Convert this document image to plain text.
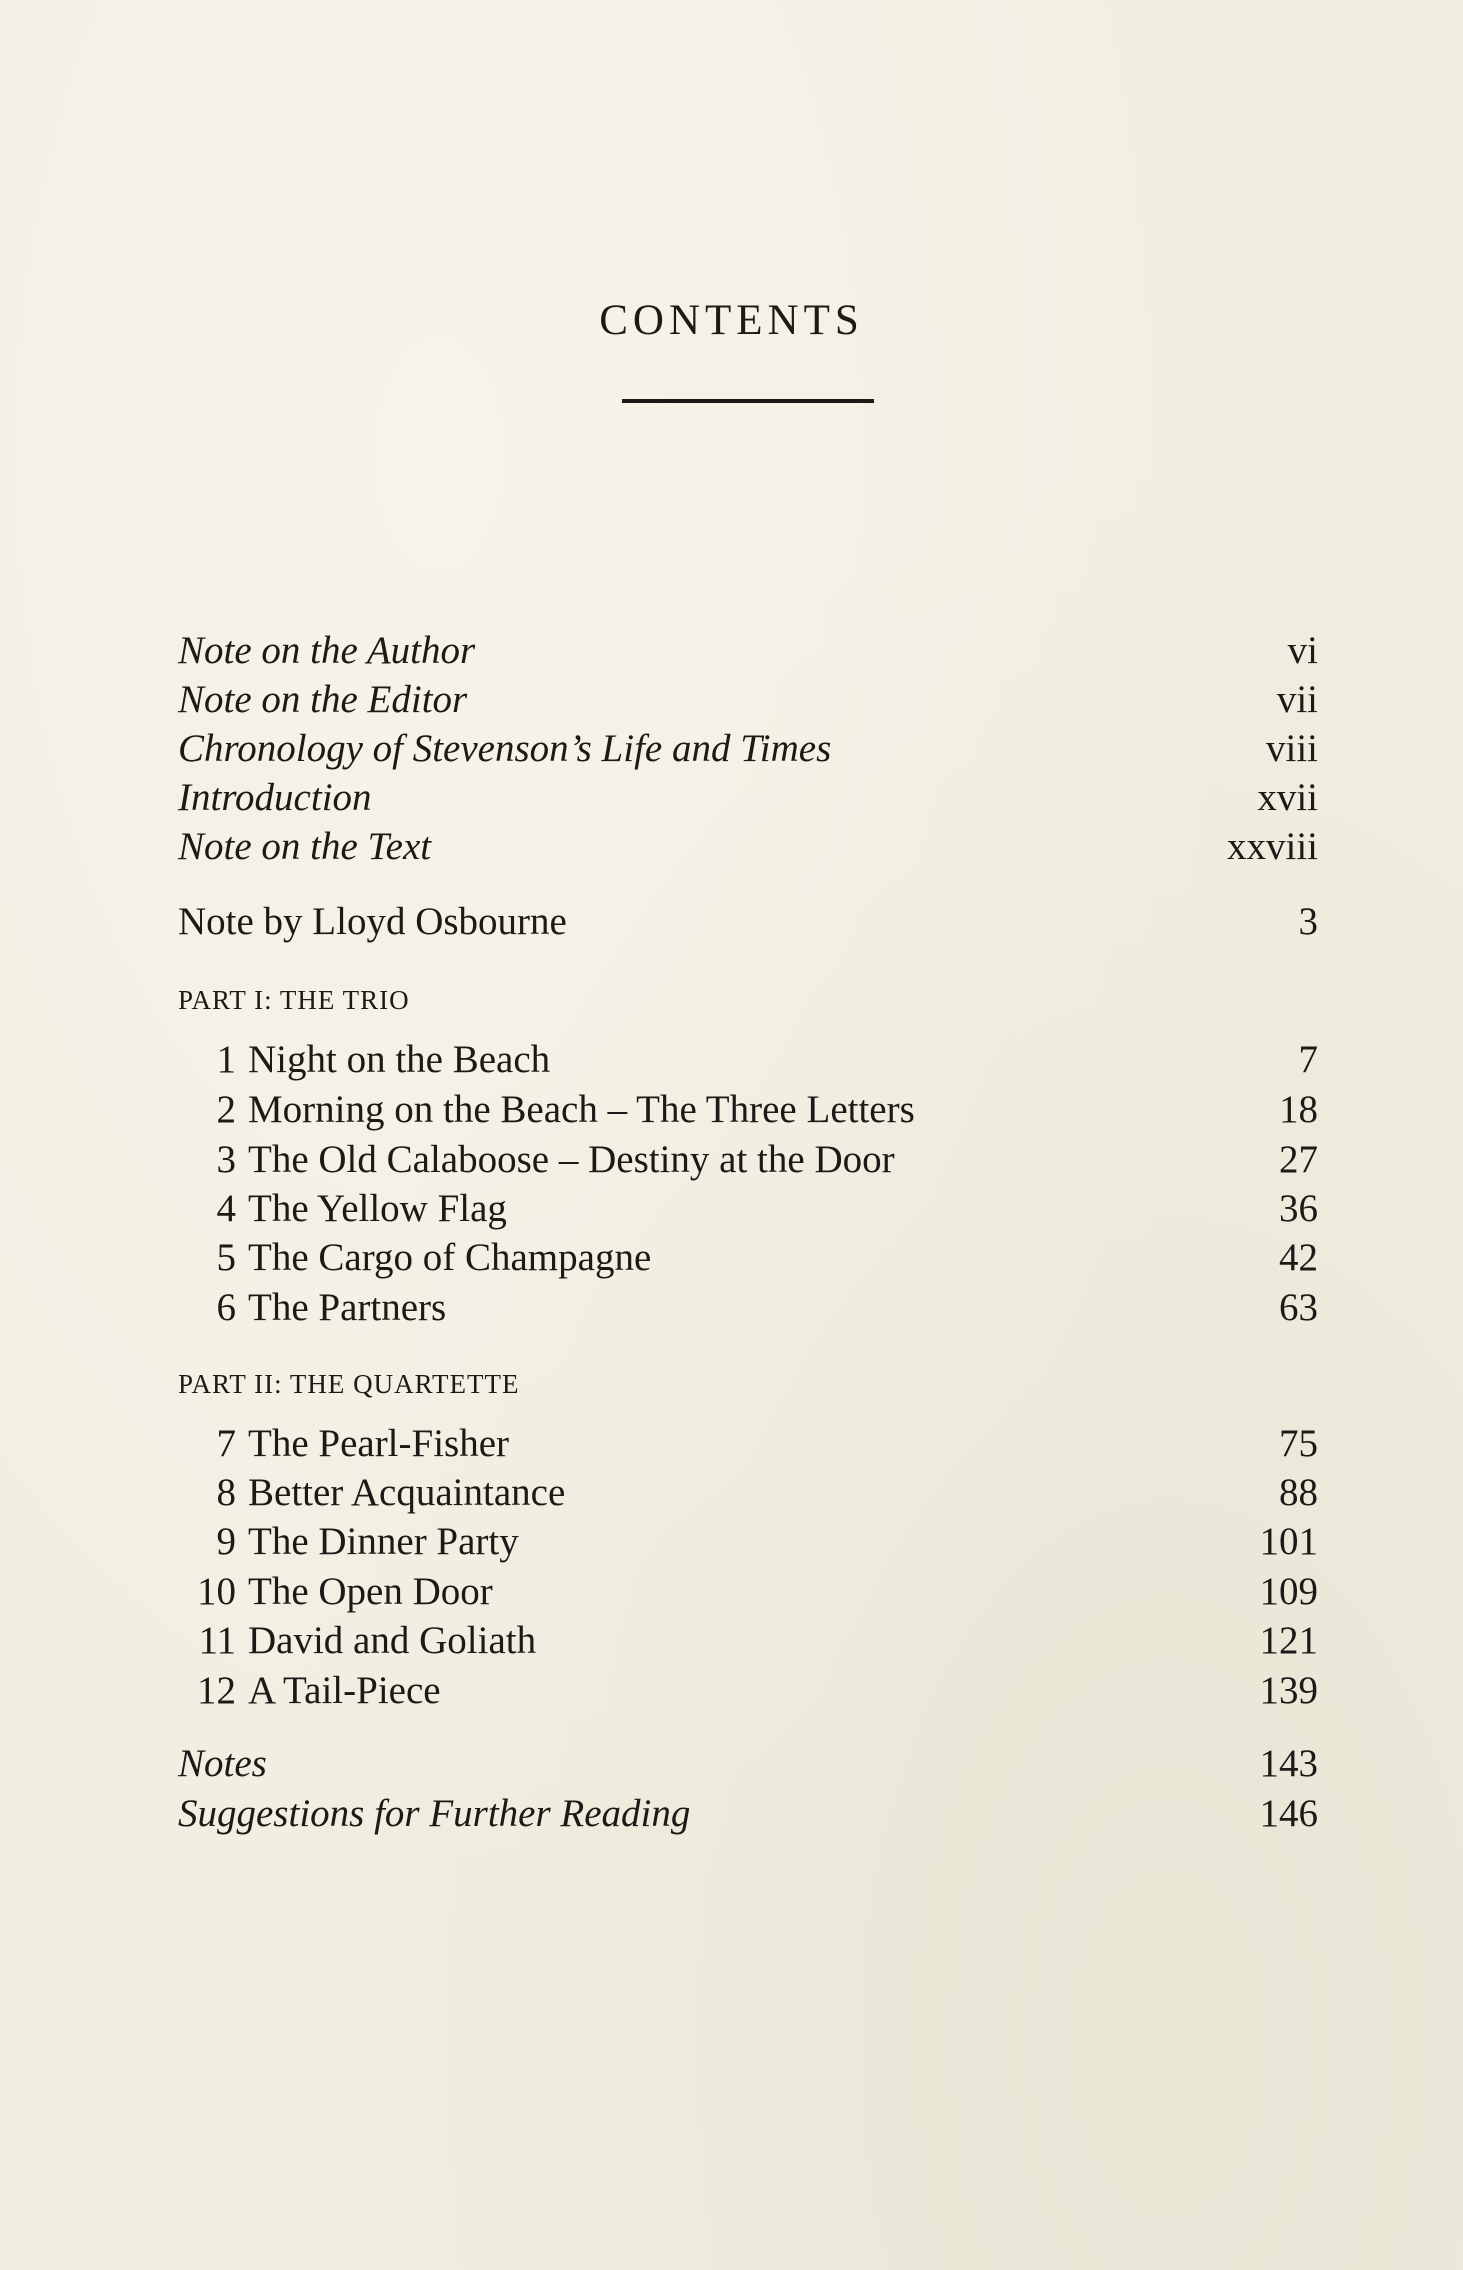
CONTENTS
Note on the Author	vi
Note on the Editor	vii
Chronology of Stevenson’s Life and Times	viii
Introduction	xvii
Note on the Text	xxviii
Note by Lloyd Osbourne	3
PART I: THE TRIO
1 Night on the Beach	7
2 Morning on the Beach – The Three Letters	18
3 The Old Calaboose – Destiny at the Door	27
4 The Yellow Flag	36
5 The Cargo of Champagne	42
6 The Partners	63
PART II: THE QUARTETTE
7 The Pearl-Fisher	75
8 Better Acquaintance	88
9 The Dinner Party	101
10 The Open Door	109
11 David and Goliath	121
12 A Tail-Piece	139
Notes	143
Suggestions for Further Reading	146
